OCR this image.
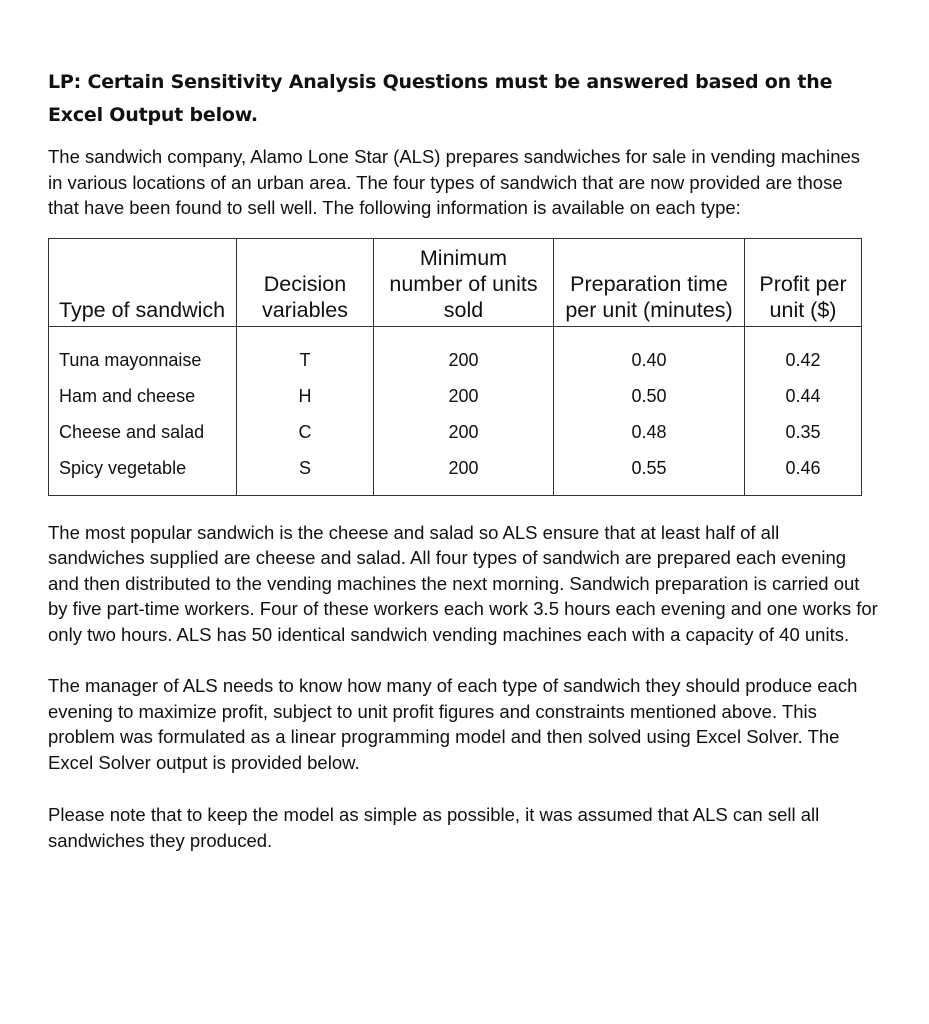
LP: Certain Sensitivity Analysis Questions must be answered based on the Excel Output below.

The sandwich company, Alamo Lone Star (ALS) prepares sandwiches for sale in vending machines in various locations of an urban area. The four types of sandwich that are now provided are those that have been found to sell well. The following information is available on each type:

Type of sandwich	Decision variables	Minimum number of units sold	Preparation time per unit (minutes)	Profit per unit ($)
Tuna mayonnaise	T	200	0.40	0.42
Ham and cheese	H	200	0.50	0.44
Cheese and salad	C	200	0.48	0.35
Spicy vegetable	S	200	0.55	0.46

The most popular sandwich is the cheese and salad so ALS ensure that at least half of all sandwiches supplied are cheese and salad. All four types of sandwich are prepared each evening and then distributed to the vending machines the next morning. Sandwich preparation is carried out by five part-time workers. Four of these workers each work 3.5 hours each evening and one works for only two hours. ALS has 50 identical sandwich vending machines each with a capacity of 40 units.

The manager of ALS needs to know how many of each type of sandwich they should produce each evening to maximize profit, subject to unit profit figures and constraints mentioned above. This problem was formulated as a linear programming model and then solved using Excel Solver. The Excel Solver output is provided below.

Please note that to keep the model as simple as possible, it was assumed that ALS can sell all sandwiches they produced.
